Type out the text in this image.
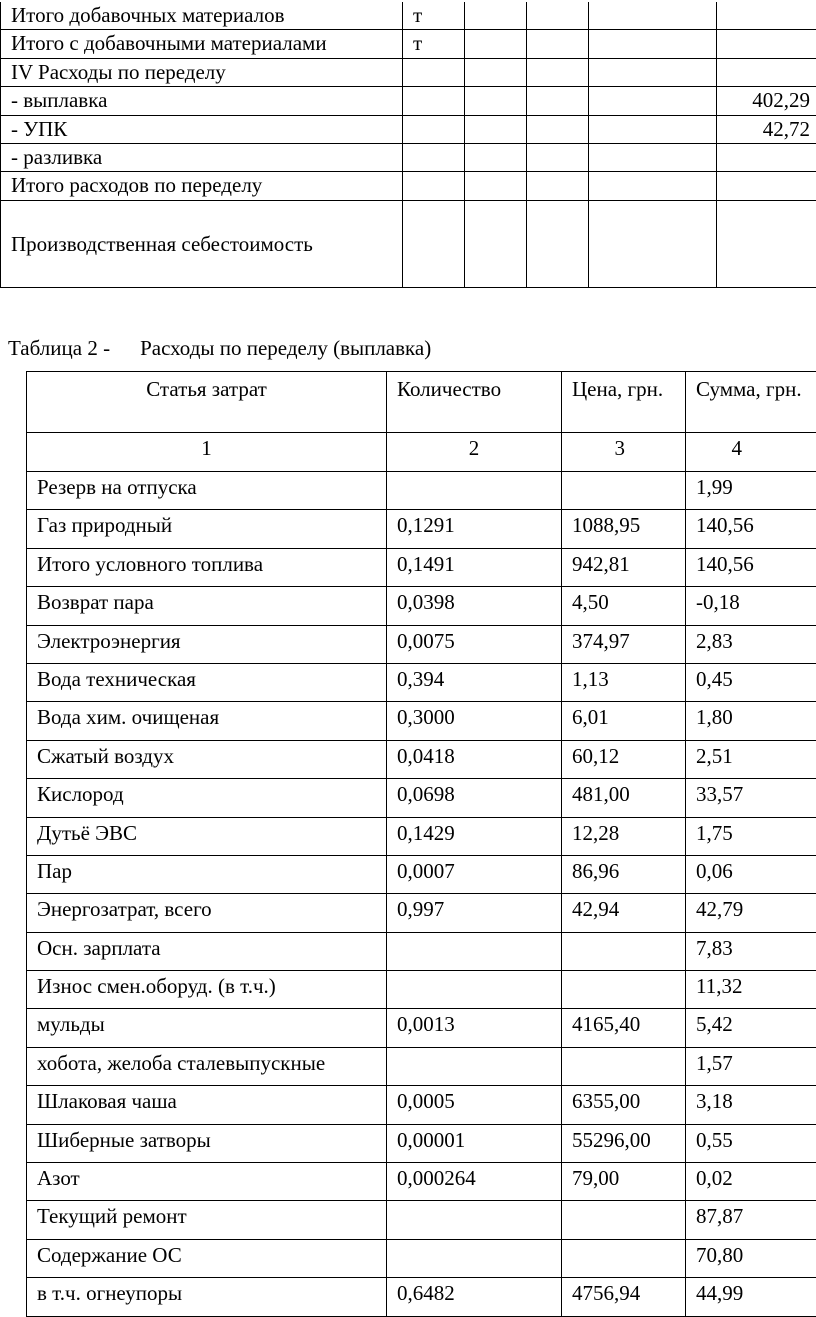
Итого добавочных материалов	т				
Итого с добавочными материалами	т				
IV Расходы по переделу					
- выплавка					402,29
- УПК					42,72
- разливка					
Итого расходов по переделу					
Производственная себестоимость					
Таблица 2 - Расходы по переделу (выплавка)
Статья затрат	Количество	Цена, грн.	Сумма, грн.
1	2	3	4
Резерв на отпуска			1,99
Газ природный	0,1291	1088,95	140,56
Итого условного топлива	0,1491	942,81	140,56
Возврат пара	0,0398	4,50	-0,18
Электроэнергия	0,0075	374,97	2,83
Вода техническая	0,394	1,13	0,45
Вода хим. очищеная	0,3000	6,01	1,80
Сжатый воздух	0,0418	60,12	2,51
Кислород	0,0698	481,00	33,57
Дутьё ЭВС	0,1429	12,28	1,75
Пар	0,0007	86,96	0,06
Энергозатрат, всего	0,997	42,94	42,79
Осн. зарплата			7,83
Износ смен.оборуд. (в т.ч.)			11,32
мульды	0,0013	4165,40	5,42
хобота, желоба сталевыпускные			1,57
Шлаковая чаша	0,0005	6355,00	3,18
Шиберные затворы	0,00001	55296,00	0,55
Азот	0,000264	79,00	0,02
Текущий ремонт			87,87
Содержание ОС			70,80
в т.ч. огнеупоры	0,6482	4756,94	44,99
